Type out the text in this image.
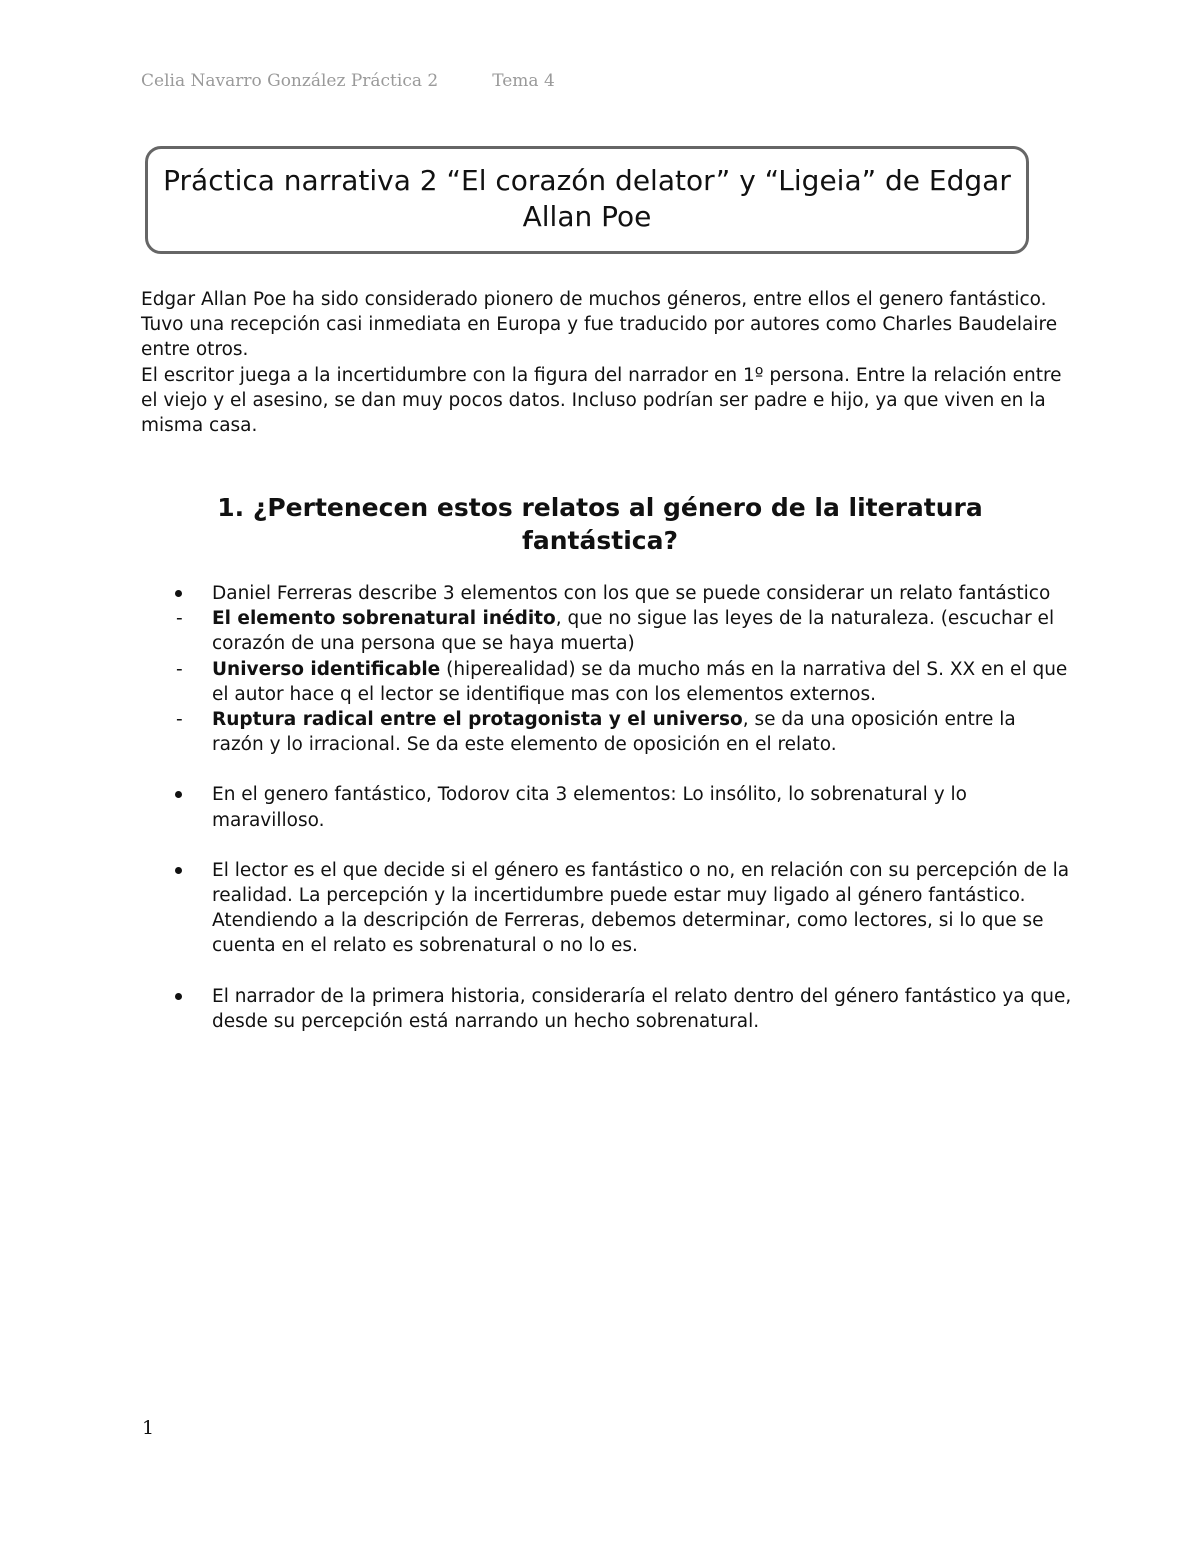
Celia Navarro González Práctica 2	Tema 4
Práctica narrativa 2 “El corazón delator” y “Ligeia” de Edgar Allan Poe

Edgar Allan Poe ha sido considerado pionero de muchos géneros, entre ellos el genero fantástico. Tuvo una recepción casi inmediata en Europa y fue traducido por autores como Charles Baudelaire entre otros.

El escritor juega a la incertidumbre con la figura del narrador en 1º persona. Entre la relación entre el viejo y el asesino, se dan muy pocos datos. Incluso podrían ser padre e hijo, ya que viven en la misma casa.

1. ¿Pertenecen estos relatos al género de la literatura fantástica?
Daniel Ferreras describe 3 elementos con los que se puede considerar un relato fantástico
- El elemento sobrenatural inédito, que no sigue las leyes de la naturaleza. (escuchar el corazón de una persona que se haya muerta)
- Universo identificable (hiperealidad) se da mucho más en la narrativa del S. XX en el que el autor hace q el lector se identifique mas con los elementos externos.
- Ruptura radical entre el protagonista y el universo, se da una oposición entre la razón y lo irracional. Se da este elemento de oposición en el relato.
En el genero fantástico, Todorov cita 3 elementos: Lo insólito, lo sobrenatural y lo maravilloso.
El lector es el que decide si el género es fantástico o no, en relación con su percepción de la realidad. La percepción y la incertidumbre puede estar muy ligado al género fantástico. Atendiendo a la descripción de Ferreras, debemos determinar, como lectores, si lo que se cuenta en el relato es sobrenatural o no lo es.
El narrador de la primera historia, consideraría el relato dentro del género fantástico ya que, desde su percepción está narrando un hecho sobrenatural.
1
